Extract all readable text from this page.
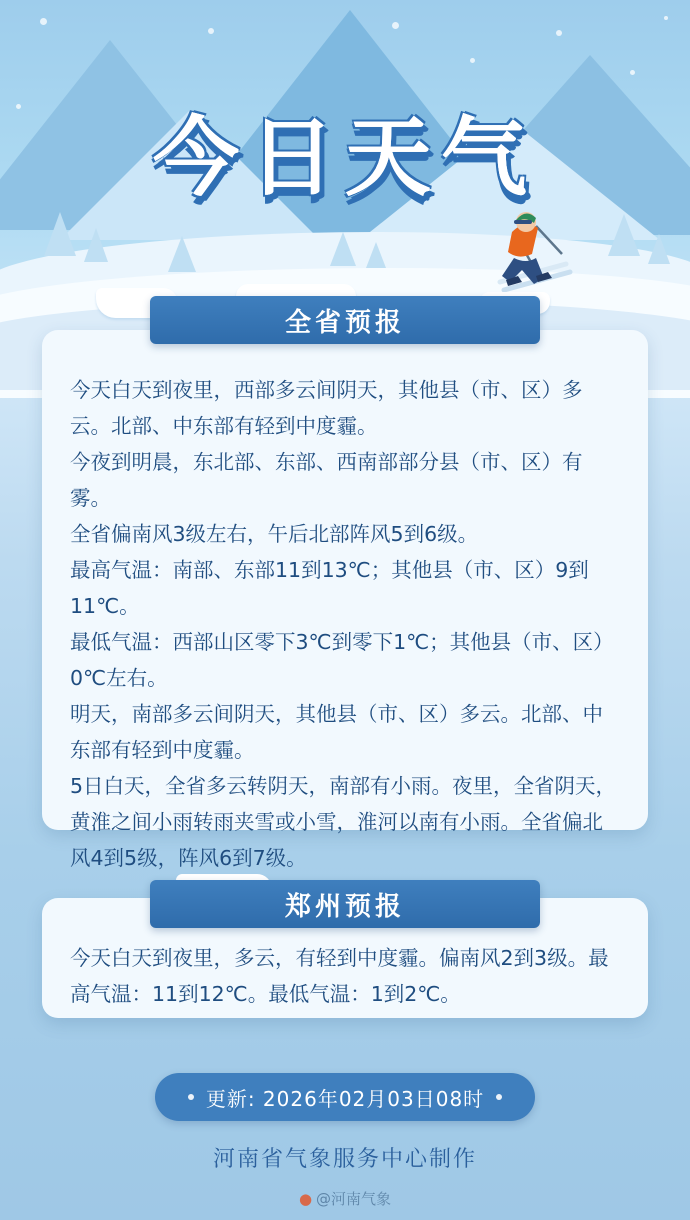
今日天气
全省预报

今天白天到夜里，西部多云间阴天，其他县（市、区）多云。北部、中东部有轻到中度霾。

今夜到明晨，东北部、东部、西南部部分县（市、区）有雾。

全省偏南风3级左右，午后北部阵风5到6级。

最高气温：南部、东部11到13℃；其他县（市、区）9到11℃。

最低气温：西部山区零下3℃到零下1℃；其他县（市、区）0℃左右。

明天，南部多云间阴天，其他县（市、区）多云。北部、中东部有轻到中度霾。

5日白天，全省多云转阴天，南部有小雨。夜里，全省阴天，黄淮之间小雨转雨夹雪或小雪，淮河以南有小雨。全省偏北风4到5级，阵风6到7级。

郑州预报

今天白天到夜里，多云，有轻到中度霾。偏南风2到3级。最高气温：11到12℃。最低气温：1到2℃。

更新: 2026年02月03日08时
河南省气象服务中心制作
● @河南气象
